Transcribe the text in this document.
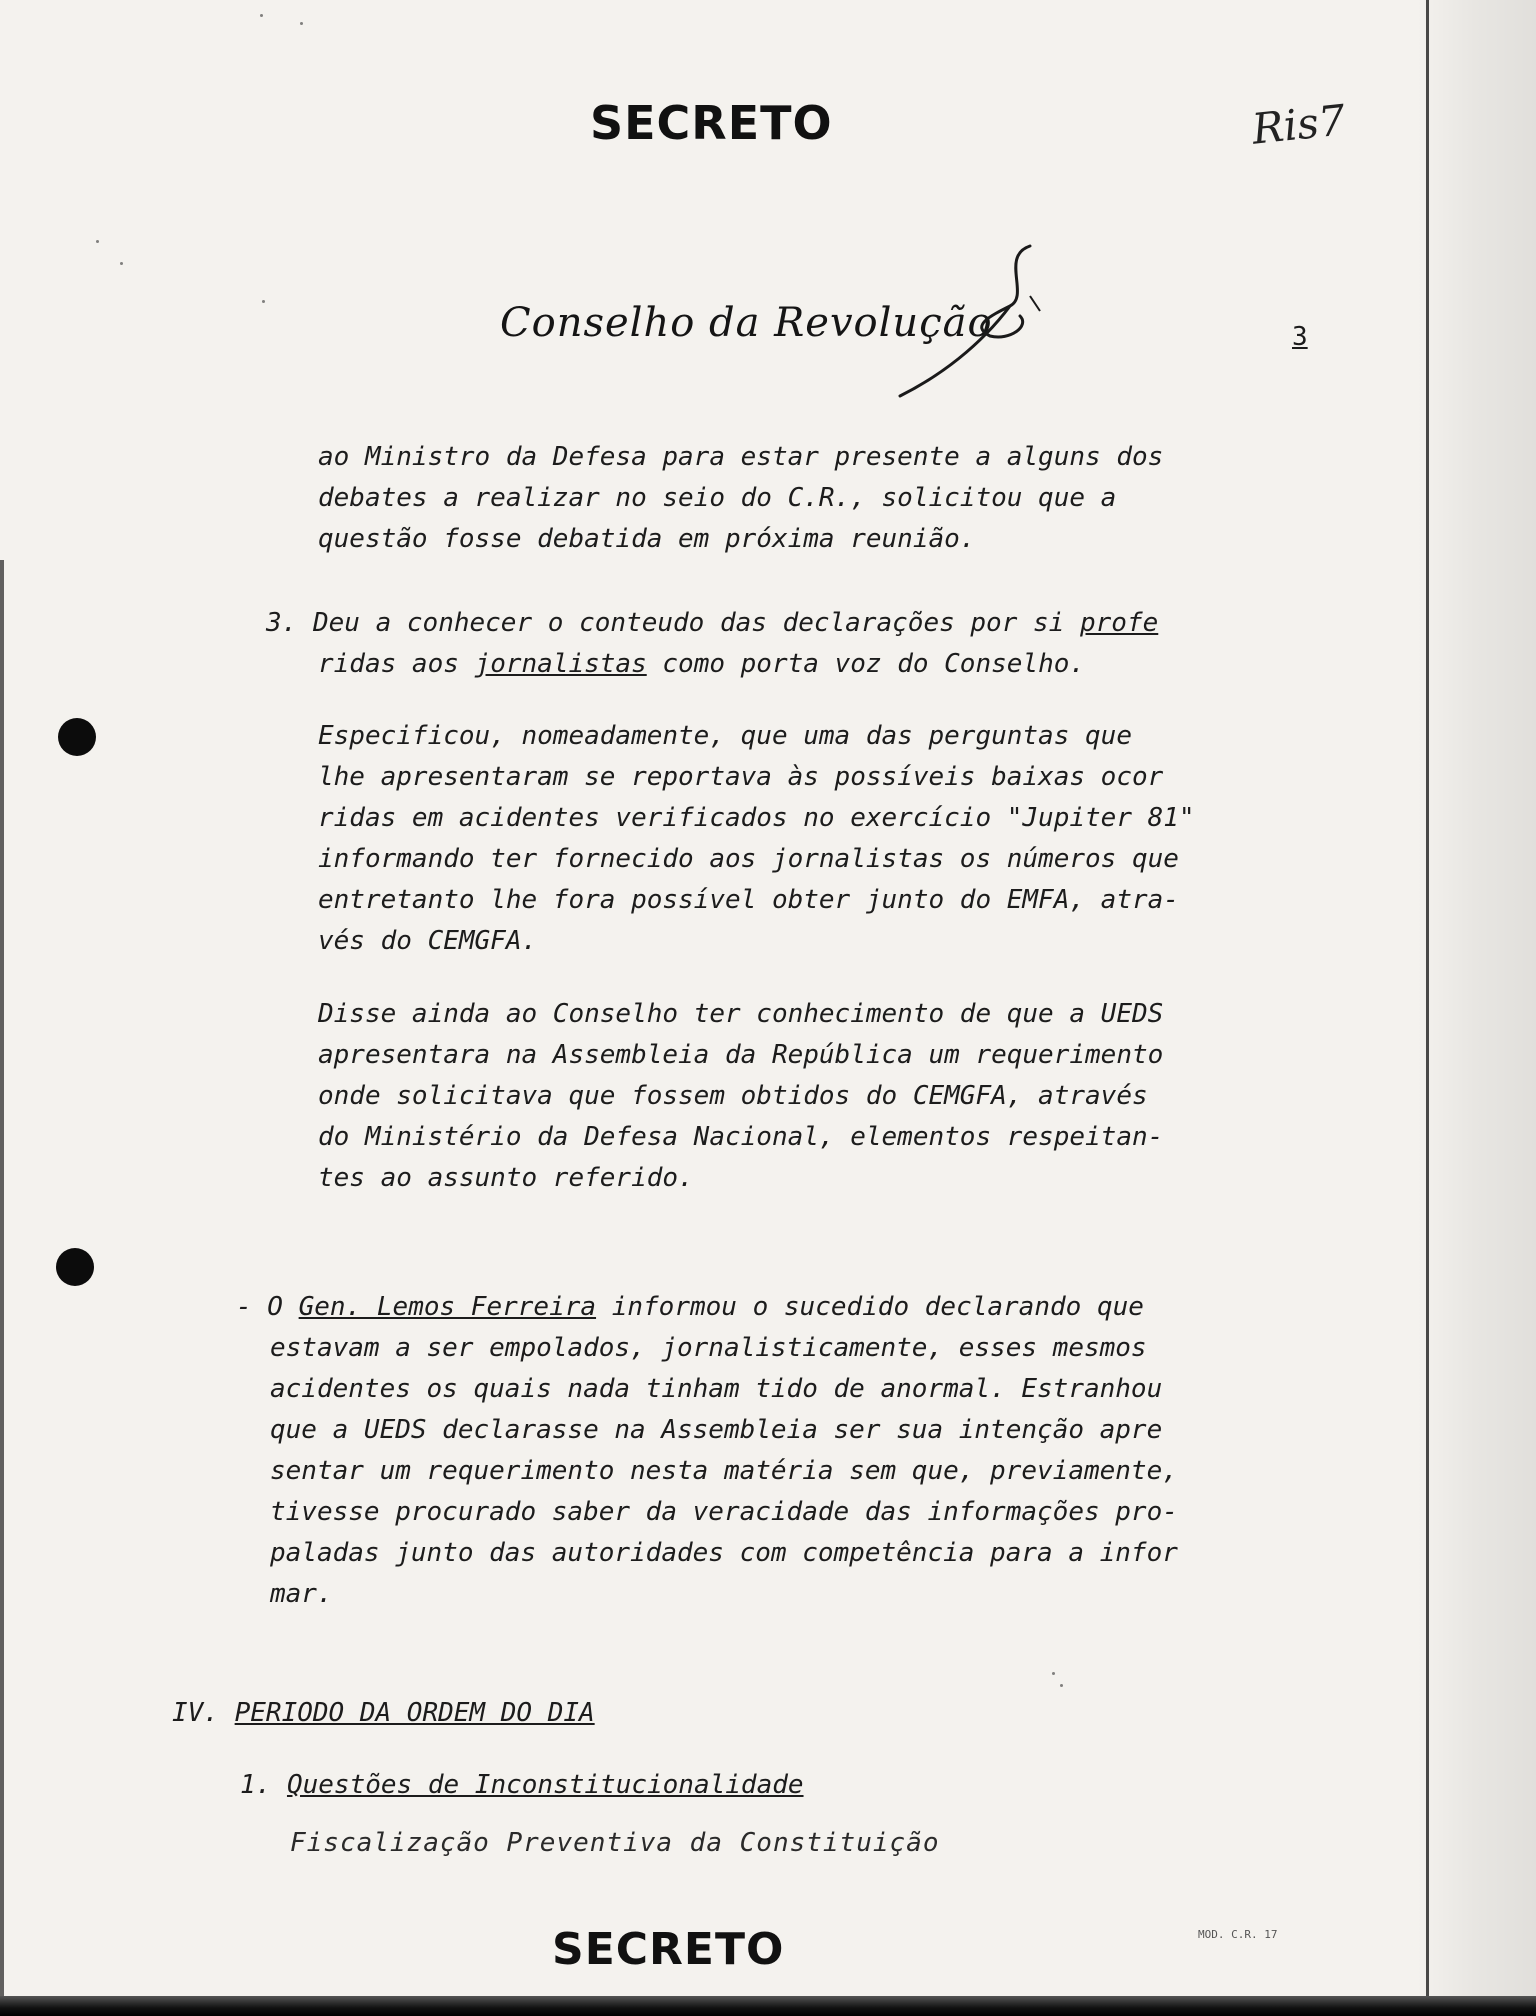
SECRETO	Ris7
Conselho da Revolução	3
ao Ministro da Defesa para estar presente a alguns dos
debates a realizar no seio do C.R., solicitou que a
questão fosse debatida em próxima reunião.
3. Deu a conhecer o conteudo das declarações por si profe
ridas aos jornalistas como porta voz do Conselho.
Especificou, nomeadamente, que uma das perguntas que
lhe apresentaram se reportava às possíveis baixas ocor
ridas em acidentes verificados no exercício "Jupiter 81"
informando ter fornecido aos jornalistas os números que
entretanto lhe fora possível obter junto do EMFA, atra-
vés do CEMGFA.
Disse ainda ao Conselho ter conhecimento de que a UEDS
apresentara na Assembleia da República um requerimento
onde solicitava que fossem obtidos do CEMGFA, através
do Ministério da Defesa Nacional, elementos respeitan-
tes ao assunto referido.
- O Gen. Lemos Ferreira informou o sucedido declarando que
estavam a ser empolados, jornalisticamente, esses mesmos
acidentes os quais nada tinham tido de anormal. Estranhou
que a UEDS declarasse na Assembleia ser sua intenção apre
sentar um requerimento nesta matéria sem que, previamente,
tivesse procurado saber da veracidade das informações pro-
paladas junto das autoridades com competência para a infor
mar.
IV. PERIODO DA ORDEM DO DIA
1. Questões de Inconstitucionalidade
Fiscalização Preventiva da Constituição
SECRETO	MOD. C.R. 17
